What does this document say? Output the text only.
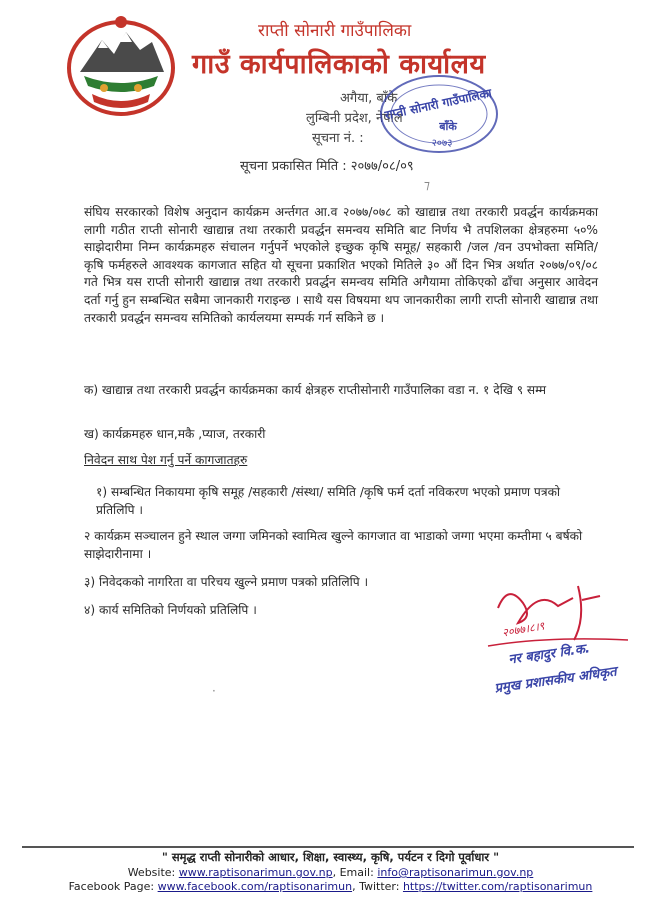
राप्ती सोनारी गाउँपालिका
गाउँ कार्यपालिकाको कार्यालय
अगैया, बाँके
लुम्बिनी प्रदेश, नेपाल
सूचना नं. :
राप्ती सोनारी गाउँपालिका
बाँके
२०७३
सूचना प्रकासित मिति : २०७७/०८/०९
⁊
संघिय सरकारको विशेष अनुदान कार्यक्रम अर्न्तगत आ.व २०७७/०७८ को खाद्यान्न तथा तरकारी प्रवर्द्धन कार्यक्रमका लागी गठीत राप्ती सोनारी खाद्यान्न तथा तरकारी प्रवर्द्धन समन्वय समिति बाट निर्णय भै तपशिलका क्षेत्रहरुमा ५०% साझेदारीमा निम्न कार्यक्रमहरु संचालन गर्नुपर्ने भएकोले इच्छुक कृषि समूह/ सहकारी /जल /वन उपभोक्ता समिति/ कृषि फर्महरुले आवश्यक कागजात सहित यो सूचना प्रकाशित भएको मितिले ३० औं दिन भित्र अर्थात २०७७/०९/०८ गते भित्र यस राप्ती सोनारी खाद्यान्न तथा तरकारी प्रवर्द्धन समन्वय समिति अगैयामा तोकिएको ढाँचा अनुसार आवेदन दर्ता गर्नु हुन सम्बन्धित सबैमा जानकारी गराइन्छ । साथै यस विषयमा थप जानकारीका लागी राप्ती सोनारी खाद्यान्न तथा तरकारी प्रवर्द्धन समन्वय समितिको कार्यलयमा सम्पर्क गर्न सकिने छ ।
क) खाद्यान्न तथा तरकारी प्रवर्द्धन कार्यक्रमका कार्य क्षेत्रहरु राप्तीसोनारी गाउँपालिका वडा न. १ देखि ९ सम्म
ख) कार्यक्रमहरु धान,मकै ,प्याज, तरकारी
निवेदन साथ पेश गर्नु पर्ने कागजातहरु
१) सम्बन्धित निकायमा कृषि समूह /सहकारी /संस्था/ समिति /कृषि फर्म दर्ता नविकरण भएको प्रमाण पत्रको प्रतिलिपि ।
२ कार्यक्रम सञ्चालन हुने स्थाल जग्गा जमिनको स्वामित्व खुल्ने कागजात वा भाडाको जग्गा भएमा कम्तीमा ५ बर्षको साझेदारीनामा ।
३) निवेदकको नागरिता वा परिचय खुल्ने प्रमाण पत्रको प्रतिलिपि ।
४) कार्य समितिको निर्णयको प्रतिलिपि ।
२०७७।८।९
नर बहादुर वि.क.
प्रमुख प्रशासकीय अधिकृत
·
" समृद्ध राप्ती सोनारीको आधार, शिक्षा, स्वास्थ्य, कृषि, पर्यटन र दिगो पूर्वाधार "
Website: www.raptisonarimun.gov.np, Email: info@raptisonarimun.gov.np
Facebook Page: www.facebook.com/raptisonarimun, Twitter: https://twitter.com/raptisonarimun
